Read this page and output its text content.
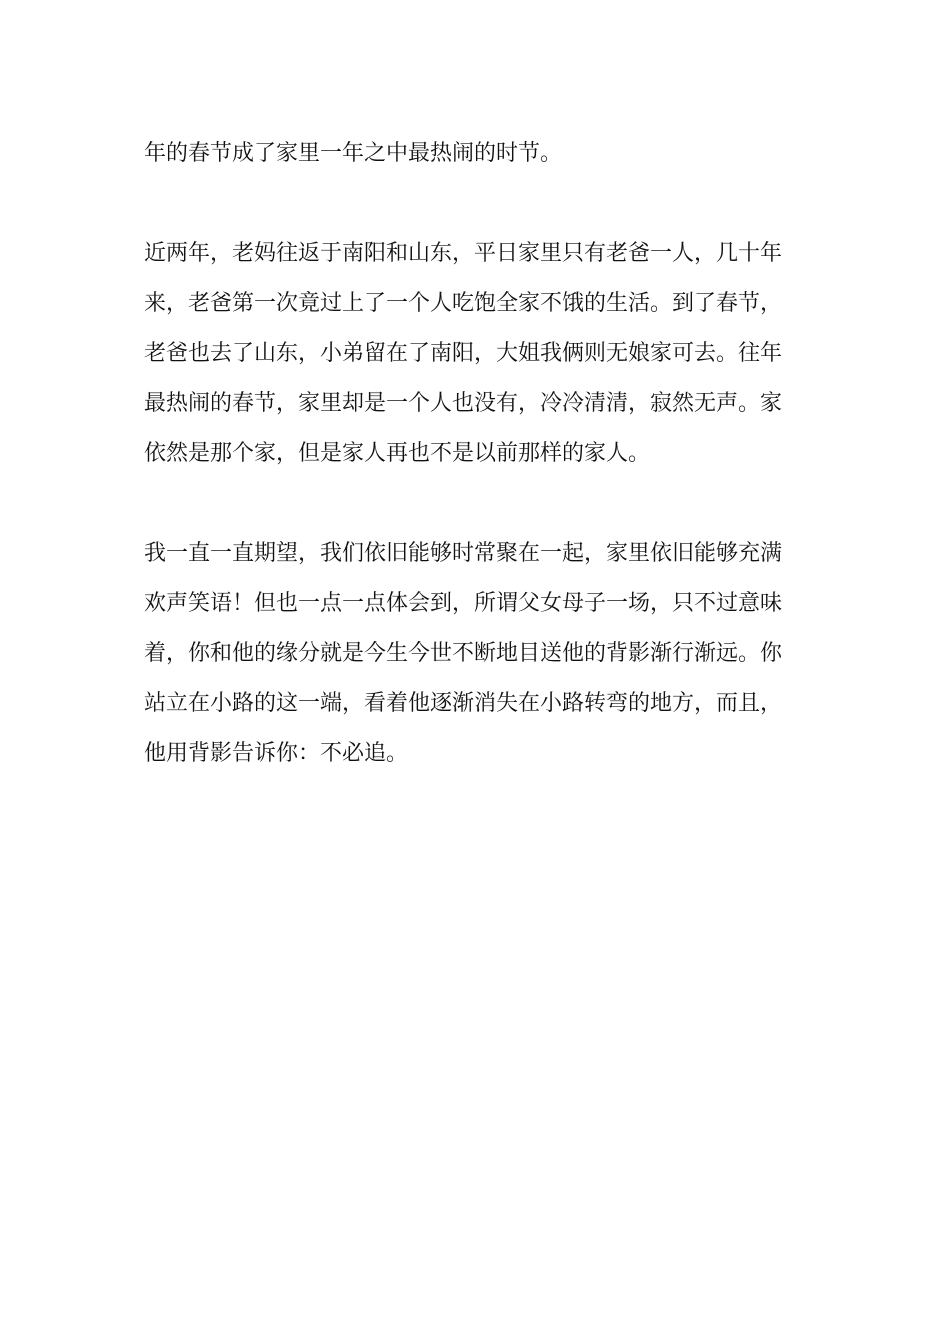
年的春节成了家里一年之中最热闹的时节。

近两年，老妈往返于南阳和山东，平日家里只有老爸一人，几十年
来，老爸第一次竟过上了一个人吃饱全家不饿的生活。到了春节，
老爸也去了山东，小弟留在了南阳，大姐我俩则无娘家可去。往年
最热闹的春节，家里却是一个人也没有，冷冷清清，寂然无声。家
依然是那个家，但是家人再也不是以前那样的家人。

我一直一直期望，我们依旧能够时常聚在一起，家里依旧能够充满
欢声笑语！但也一点一点体会到，所谓父女母子一场，只不过意味
着，你和他的缘分就是今生今世不断地目送他的背影渐行渐远。你
站立在小路的这一端，看着他逐渐消失在小路转弯的地方，而且，
他用背影告诉你：不必追。
